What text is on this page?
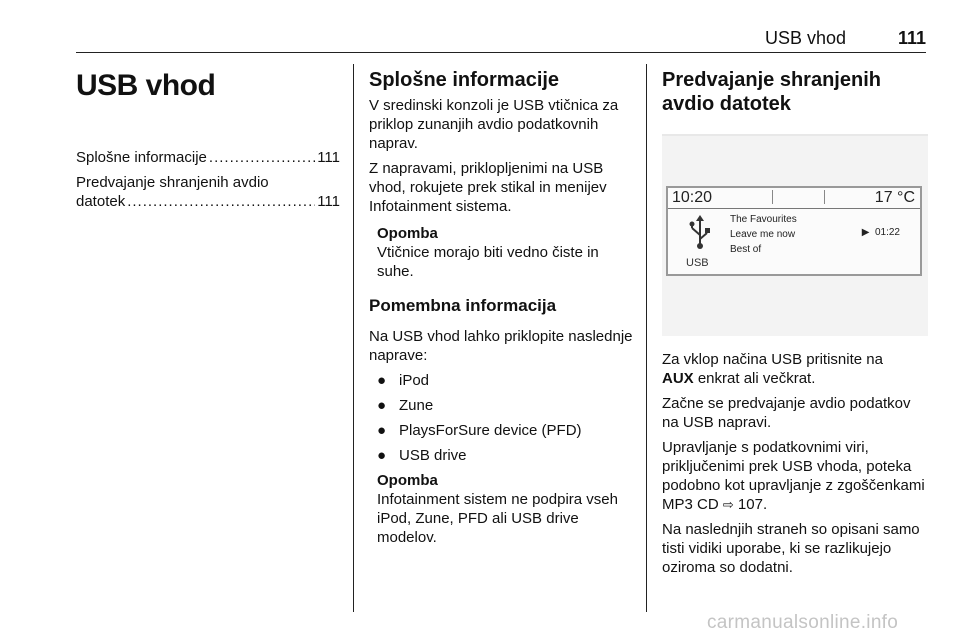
USB vhod	111
USB vhod
Splošne informacije .....	111
Predvajanje shranjenih avdio
datotek .....	111
Splošne informacije

V sredinski konzoli je USB vtičnica za priklop zunanjih avdio podatkovnih naprav.

Z napravami, priklopljenimi na USB vhod, rokujete prek stikal in menijev Infotainment sistema.

Opomba

Vtičnice morajo biti vedno čiste in suhe.

Pomembna informacija

Na USB vhod lahko priklopite naslednje naprave:

● iPod
● Zune
● PlaysForSure device (PFD)
● USB drive
Opomba

Infotainment sistem ne podpira vseh iPod, Zune, PFD ali USB drive modelov.

Predvajanje shranjenih avdio datotek
10:20	17 °C
USB
The Favourites
Leave me now
Best of
▶ 01:22

Za vklop načina USB pritisnite na
AUX enkrat ali večkrat.

Začne se predvajanje avdio podatkov na USB napravi.

Upravljanje s podatkovnimi viri, priključenimi prek USB vhoda, poteka podobno kot upravljanje z zgoščenkami MP3 CD ⇨ 107.

Na naslednjih straneh so opisani samo tisti vidiki uporabe, ki se razlikujejo oziroma so dodatni.

carmanualsonline.info
